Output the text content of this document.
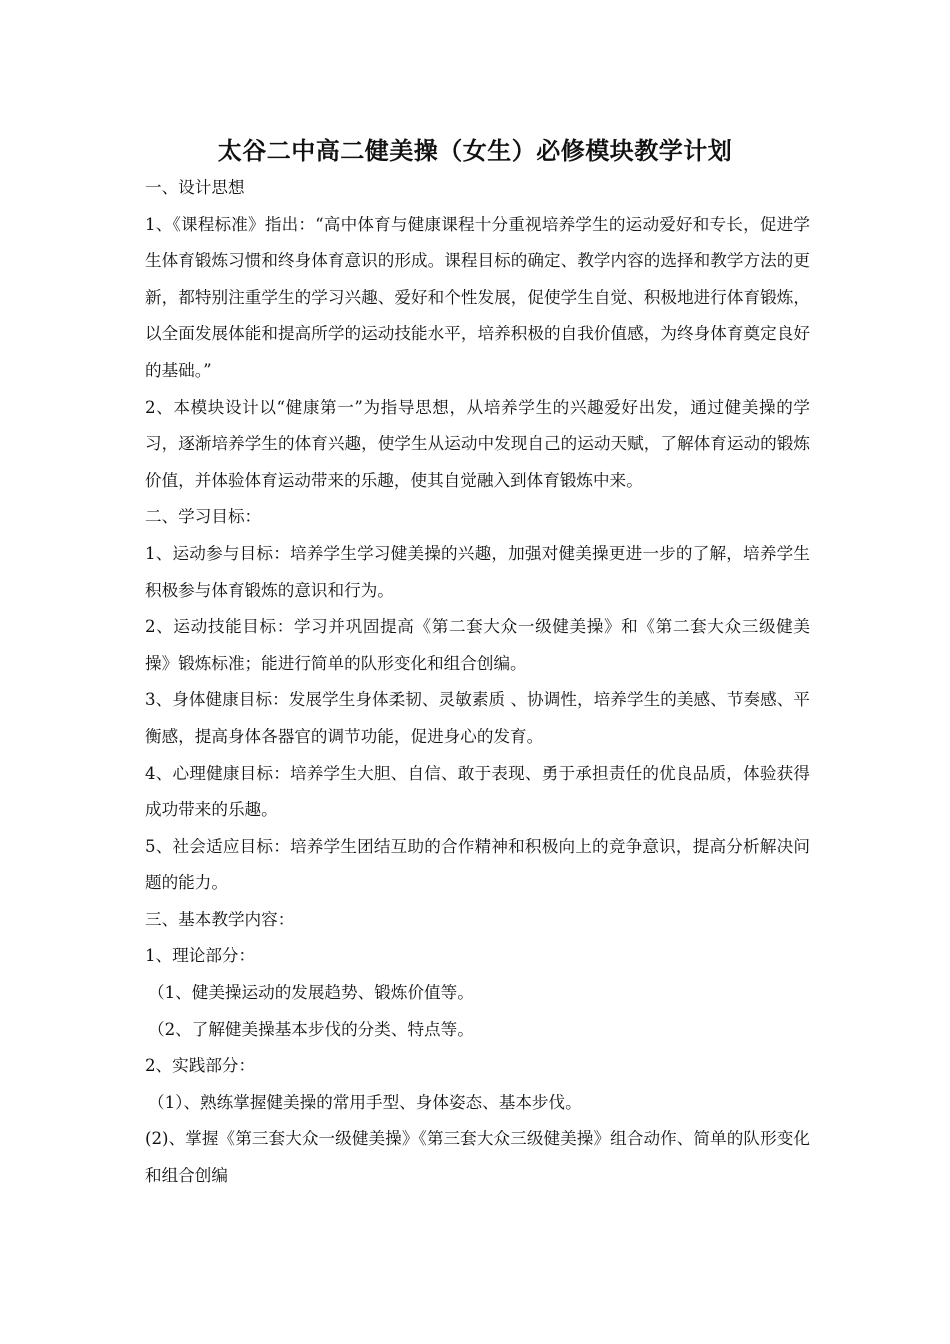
太谷二中高二健美操（女生）必修模块教学计划

一、设计思想

1、《课程标准》指出：“高中体育与健康课程十分重视培养学生的运动爱好和专长，促进学生体育锻炼习惯和终身体育意识的形成。课程目标的确定、教学内容的选择和教学方法的更新，都特别注重学生的学习兴趣、爱好和个性发展，促使学生自觉、积极地进行体育锻炼，以全面发展体能和提高所学的运动技能水平，培养积极的自我价值感，为终身体育奠定良好的基础。”

2、本模块设计以“健康第一”为指导思想，从培养学生的兴趣爱好出发，通过健美操的学习，逐渐培养学生的体育兴趣，使学生从运动中发现自己的运动天赋，了解体育运动的锻炼价值，并体验体育运动带来的乐趣，使其自觉融入到体育锻炼中来。

二、学习目标：

1、运动参与目标：培养学生学习健美操的兴趣，加强对健美操更进一步的了解，培养学生积极参与体育锻炼的意识和行为。

2、运动技能目标：学习并巩固提高《第二套大众一级健美操》和《第二套大众三级健美操》锻炼标准；能进行简单的队形变化和组合创编。

3、身体健康目标：发展学生身体柔韧、灵敏素质 、协调性，培养学生的美感、节奏感、平衡感，提高身体各器官的调节功能，促进身心的发育。

4、心理健康目标：培养学生大胆、自信、敢于表现、勇于承担责任的优良品质，体验获得成功带来的乐趣。

5、社会适应目标：培养学生团结互助的合作精神和积极向上的竞争意识，提高分析解决问题的能力。

三、基本教学内容：

1、理论部分：

（1、健美操运动的发展趋势、锻炼价值等。

（2、了解健美操基本步伐的分类、特点等。

2、实践部分：

（1）、熟练掌握健美操的常用手型、身体姿态、基本步伐。

(2)、掌握《第三套大众一级健美操》《第三套大众三级健美操》组合动作、简单的队形变化和组合创编
